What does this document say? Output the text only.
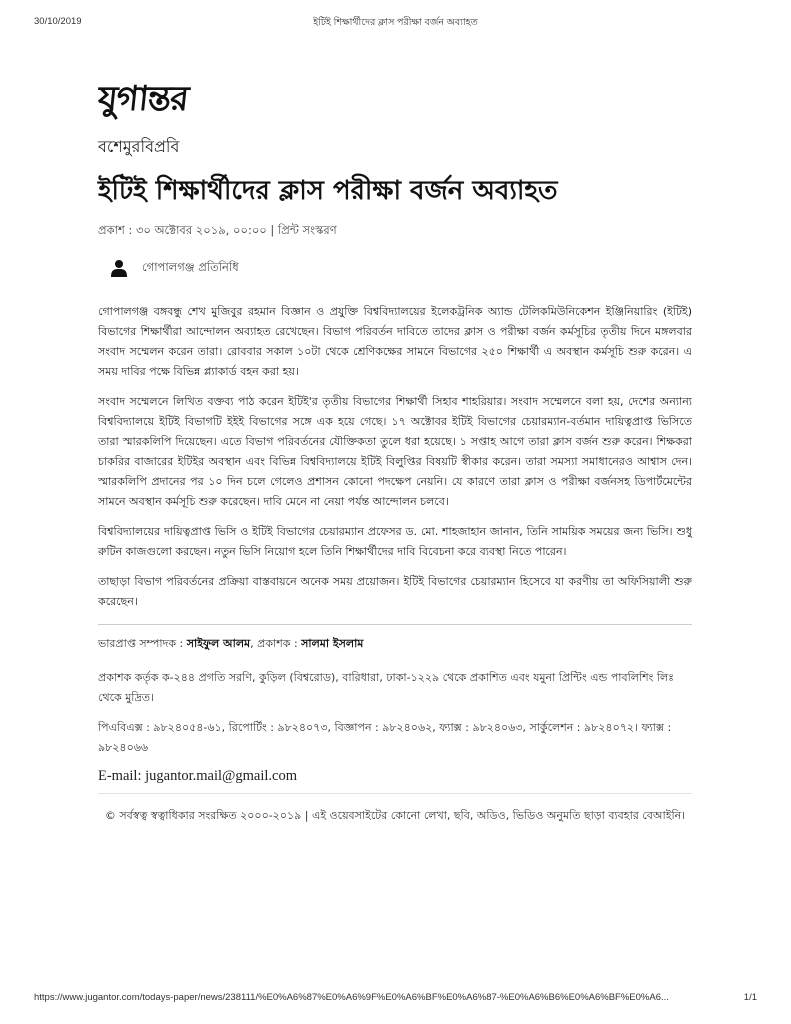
30/10/2019	ইটিই শিক্ষার্থীদের ক্লাস পরীক্ষা বর্জন অব্যাহত
যুগান্তর
বশেমুরবিপ্রবি
ইটিই শিক্ষার্থীদের ক্লাস পরীক্ষা বর্জন অব্যাহত
প্রকাশ : ৩০ অক্টোবর ২০১৯, ০০:০০ | প্রিন্ট সংস্করণ
গোপালগঞ্জ প্রতিনিধি

গোপালগঞ্জ বঙ্গবন্ধু শেখ মুজিবুর রহমান বিজ্ঞান ও প্রযুক্তি বিশ্ববিদ্যালয়ের ইলেকট্রনিক অ্যান্ড টেলিকমিউনিকেশন ইঞ্জিনিয়ারিং (ইটিই) বিভাগের শিক্ষার্থীরা আন্দোলন অব্যাহত রেখেছেন। বিভাগ পরিবর্তন দাবিতে তাদের ক্লাস ও পরীক্ষা বর্জন কর্মসূচির তৃতীয় দিনে মঙ্গলবার সংবাদ সম্মেলন করেন তারা। রোববার সকাল ১০টা থেকে শ্রেণিকক্ষের সামনে বিভাগের ২৫০ শিক্ষার্থী এ অবস্থান কর্মসূচি শুরু করেন। এ সময় দাবির পক্ষে বিভিন্ন প্ল্যাকার্ড বহন করা হয়।

সংবাদ সম্মেলনে লিখিত বক্তব্য পাঠ করেন ইটিই'র তৃতীয় বিভাগের শিক্ষার্থী সিহাব শাহরিয়ার। সংবাদ সম্মেলনে বলা হয়, দেশের অন্যান্য বিশ্ববিদ্যালয়ে ইটিই বিভাগটি ইইই বিভাগের সঙ্গে এক হয়ে গেছে। ১৭ অক্টোবর ইটিই বিভাগের চেয়ারম্যান-বর্তমান দায়িত্বপ্রাপ্ত ভিসিতে তারা স্মারকলিপি দিয়েছেন। এতে বিভাগ পরিবর্তনের যৌক্তিকতা তুলে ধরা হয়েছে। ১ সপ্তাহ আগে তারা ক্লাস বর্জন শুরু করেন। শিক্ষকরা চাকরির বাজারের ইটিইর অবস্থান এবং বিভিন্ন বিশ্ববিদ্যালয়ে ইটিই বিলুপ্তির বিষয়টি স্বীকার করেন। তারা সমস্যা সমাধানেরও আশ্বাস দেন। স্মারকলিপি প্রদানের পর ১০ দিন চলে গেলেও প্রশাসন কোনো পদক্ষেপ নেয়নি। যে কারণে তারা ক্লাস ও পরীক্ষা বর্জনসহ ডিপার্টমেন্টের সামনে অবস্থান কর্মসূচি শুরু করেছেন। দাবি মেনে না নেয়া পর্যন্ত আন্দোলন চলবে।

বিশ্ববিদ্যালয়ের দায়িত্বপ্রাপ্ত ভিসি ও ইটিই বিভাগের চেয়ারম্যান প্রফেসর ড. মো. শাহজাহান জানান, তিনি সাময়িক সময়ের জন্য ভিসি। শুধু রুটিন কাজগুলো করছেন। নতুন ভিসি নিয়োগ হলে তিনি শিক্ষার্থীদের দাবি বিবেচনা করে ব্যবস্থা নিতে পারেন।

তাছাড়া বিভাগ পরিবর্তনের প্রক্রিয়া বাস্তবায়নে অনেক সময় প্রয়োজন। ইটিই বিভাগের চেয়ারম্যান হিসেবে যা করণীয় তা অফিসিয়ালী শুরু করেছেন।

ভারপ্রাপ্ত সম্পাদক : সাইফুল আলম, প্রকাশক : সালমা ইসলাম
প্রকাশক কর্তৃক ক-২৪৪ প্রগতি সরণি, কুড়িল (বিশ্বরোড), বারিধারা, ঢাকা-১২২৯ থেকে প্রকাশিত এবং যমুনা প্রিন্টিং এন্ড পাবলিশিং লিঃ থেকে মুদ্রিত।
পিএবিএক্স : ৯৮২৪০৫৪-৬১, রিপোর্টিং : ৯৮২৪০৭৩, বিজ্ঞাপন : ৯৮২৪০৬২, ফ্যাক্স : ৯৮২৪০৬৩, সার্কুলেশন : ৯৮২৪০৭২। ফ্যাক্স : ৯৮২৪০৬৬
E-mail: jugantor.mail@gmail.com
© সর্বস্বত্ব স্বত্বাধিকার সংরক্ষিত ২০০০-২০১৯ | এই ওয়েবসাইটের কোনো লেখা, ছবি, অডিও, ভিডিও অনুমতি ছাড়া ব্যবহার বেআইনি।
https://www.jugantor.com/todays-paper/news/238111/%E0%A6%87%E0%A6%9F%E0%A6%BF%E0%A6%87-%E0%A6%B6%E0%A6%BF%E0%A6...	1/1
